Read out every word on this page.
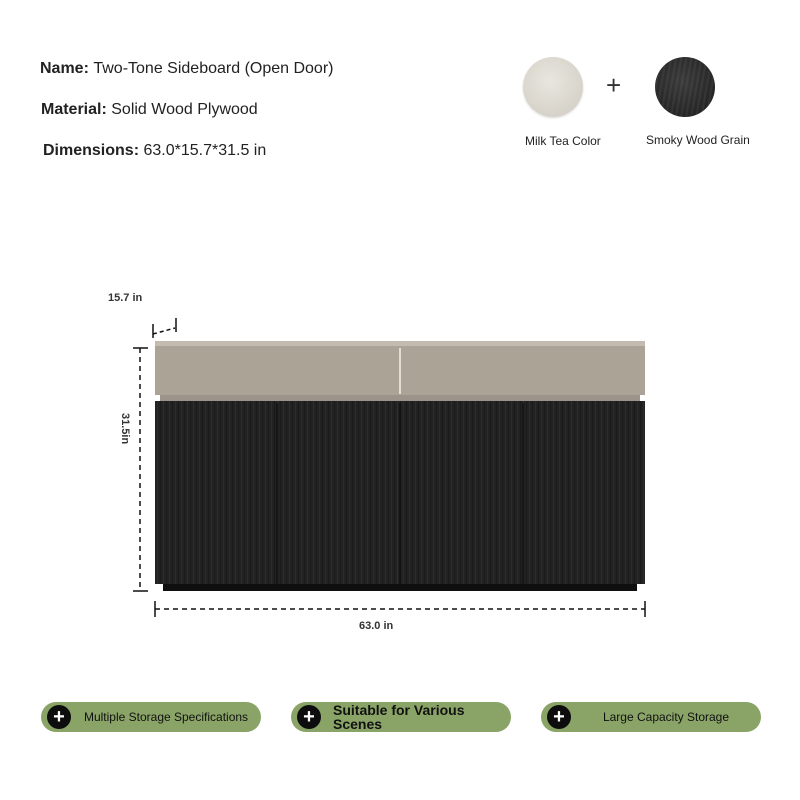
Name: Two-Tone Sideboard (Open Door)
Material: Solid Wood Plywood
Dimensions: 63.0*15.7*31.5 in
+
Milk Tea Color	Smoky Wood Grain
15.7 in
31.5in
63.0 in
+	Multiple Storage Specifications	+	Suitable for Various Scenes	+	Large Capacity Storage
